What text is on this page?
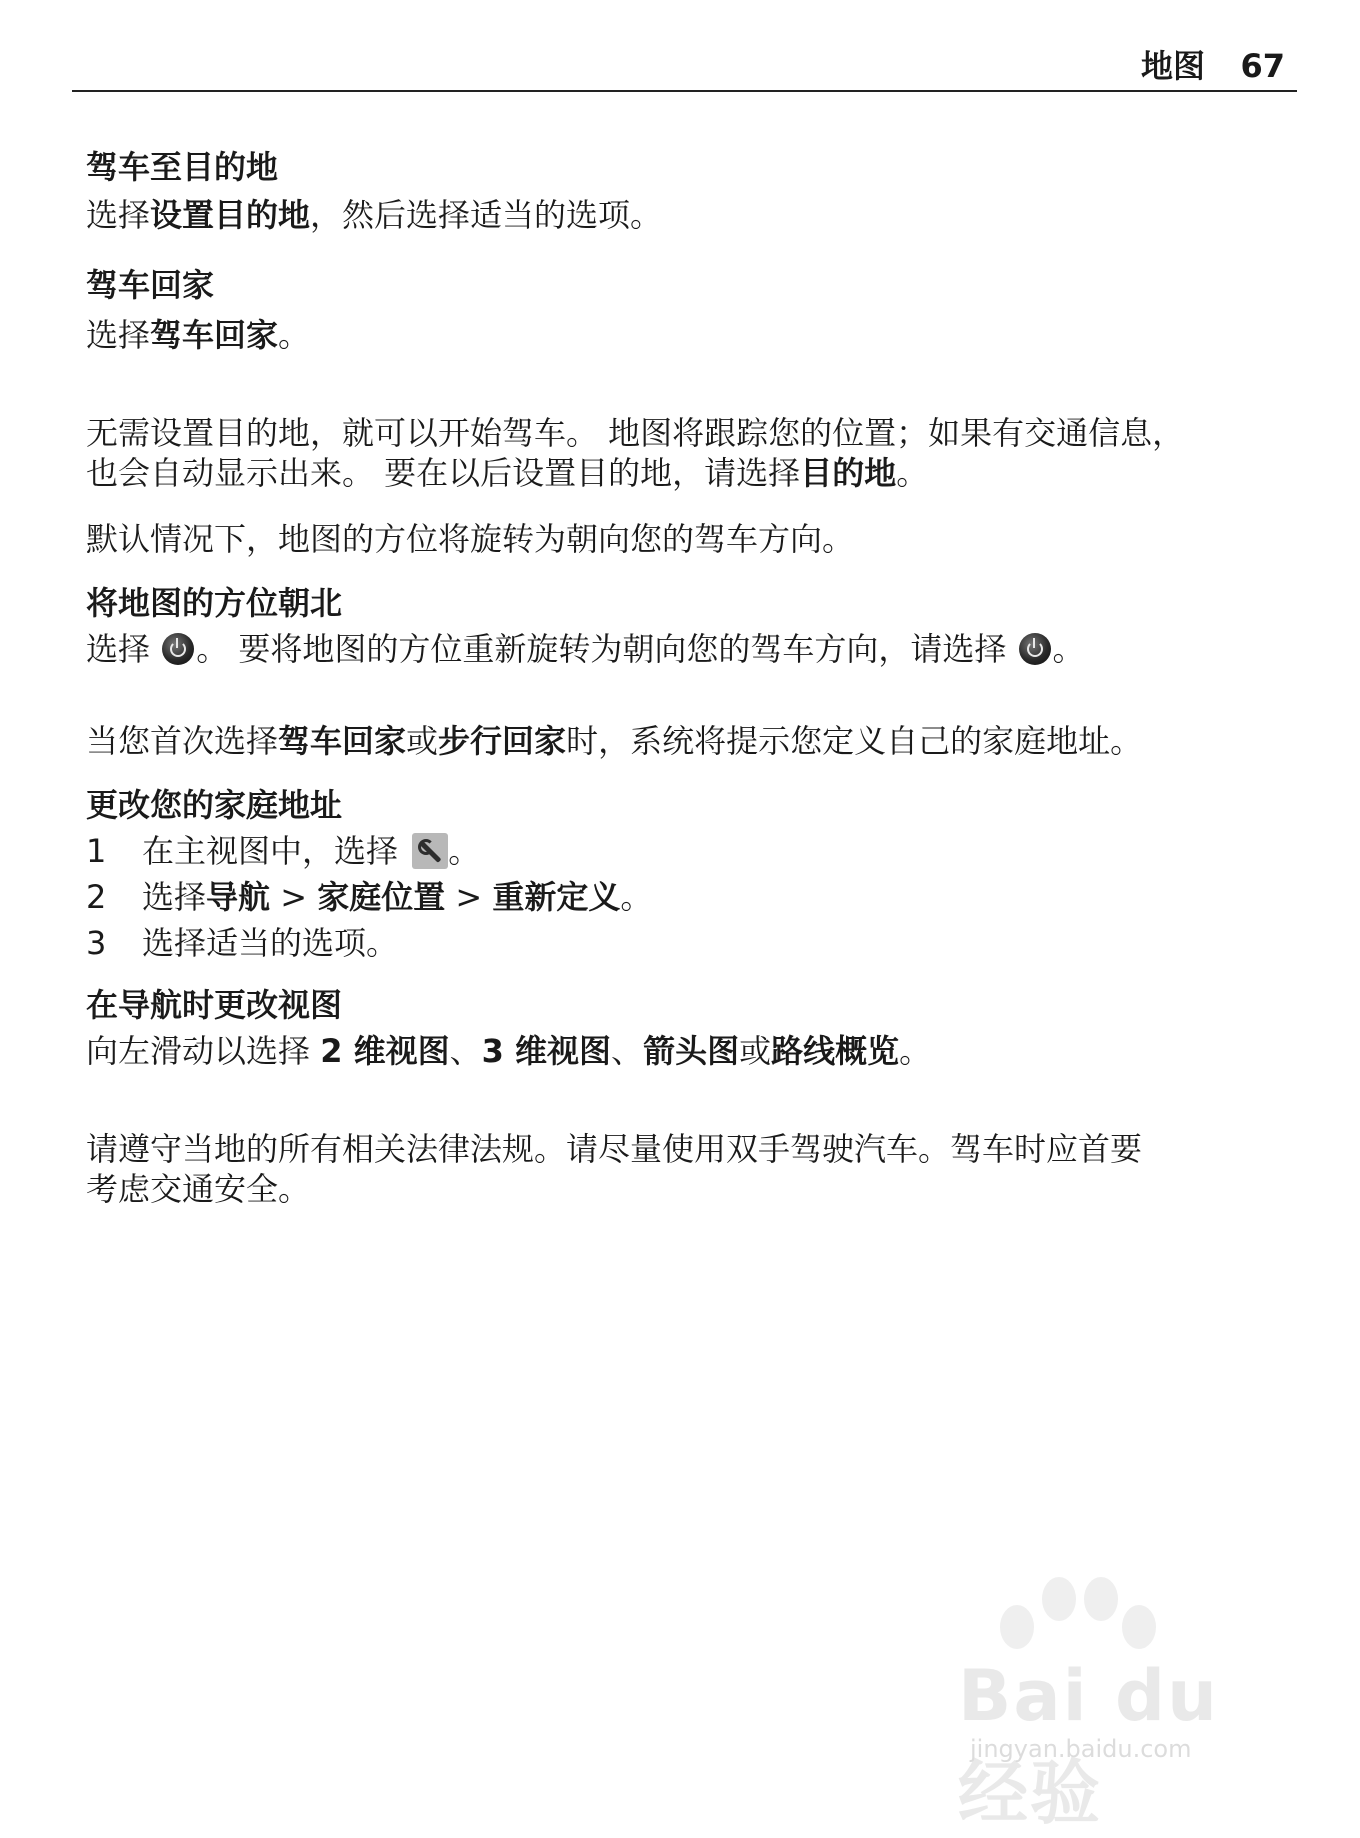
地图 67

驾车至目的地

选择设置目的地，然后选择适当的选项。

驾车回家

选择驾车回家。

无需设置目的地，就可以开始驾车。 地图将跟踪您的位置；如果有交通信息，

也会自动显示出来。 要在以后设置目的地，请选择目的地。

默认情况下，地图的方位将旋转为朝向您的驾车方向。

将地图的方位朝北

选择 。 要将地图的方位重新旋转为朝向您的驾车方向，请选择 。

当您首次选择驾车回家或步行回家时，系统将提示您定义自己的家庭地址。

更改您的家庭地址

1 在主视图中，选择 。

2 选择导航 > 家庭位置 > 重新定义。

3 选择适当的选项。

在导航时更改视图

向左滑动以选择 2 维视图、3 维视图、箭头图或路线概览。

请遵守当地的所有相关法律法规。请尽量使用双手驾驶汽车。驾车时应首要

考虑交通安全。

Bai du 经验
jingyan.baidu.com
